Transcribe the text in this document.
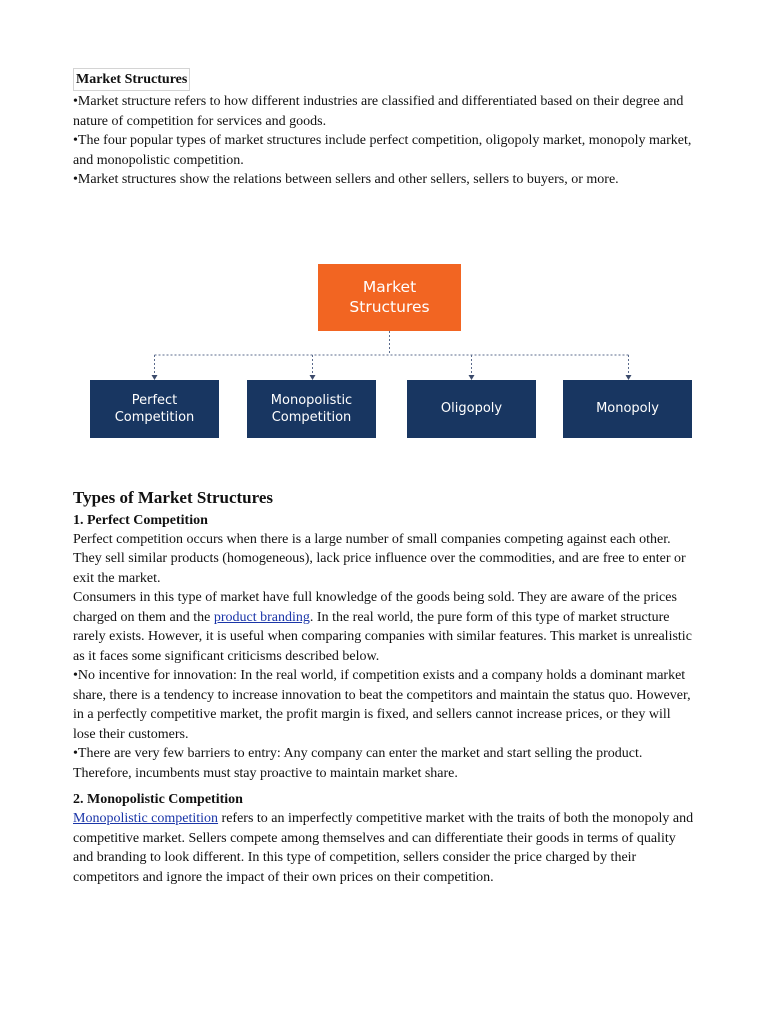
Market Structures

•Market structure refers to how different industries are classified and differentiated based on their degree and nature of competition for services and goods.

•The four popular types of market structures include perfect competition, oligopoly market, monopoly market, and monopolistic competition.

•Market structures show the relations between sellers and other sellers, sellers to buyers, or more.

Market
Structures
Perfect
Competition
Monopolistic
Competition
Oligopoly	Monopoly
Types of Market Structures
1. Perfect Competition

Perfect competition occurs when there is a large number of small companies competing against each other. They sell similar products (homogeneous), lack price influence over the commodities, and are free to enter or exit the market.

Consumers in this type of market have full knowledge of the goods being sold. They are aware of the prices charged on them and the product branding. In the real world, the pure form of this type of market structure rarely exists. However, it is useful when comparing companies with similar features. This market is unrealistic as it faces some significant criticisms described below.

•No incentive for innovation: In the real world, if competition exists and a company holds a dominant market share, there is a tendency to increase innovation to beat the competitors and maintain the status quo. However, in a perfectly competitive market, the profit margin is fixed, and sellers cannot increase prices, or they will lose their customers.

•There are very few barriers to entry: Any company can enter the market and start selling the product. Therefore, incumbents must stay proactive to maintain market share.

2. Monopolistic Competition

Monopolistic competition refers to an imperfectly competitive market with the traits of both the monopoly and competitive market. Sellers compete among themselves and can differentiate their goods in terms of quality and branding to look different. In this type of competition, sellers consider the price charged by their competitors and ignore the impact of their own prices on their competition.
